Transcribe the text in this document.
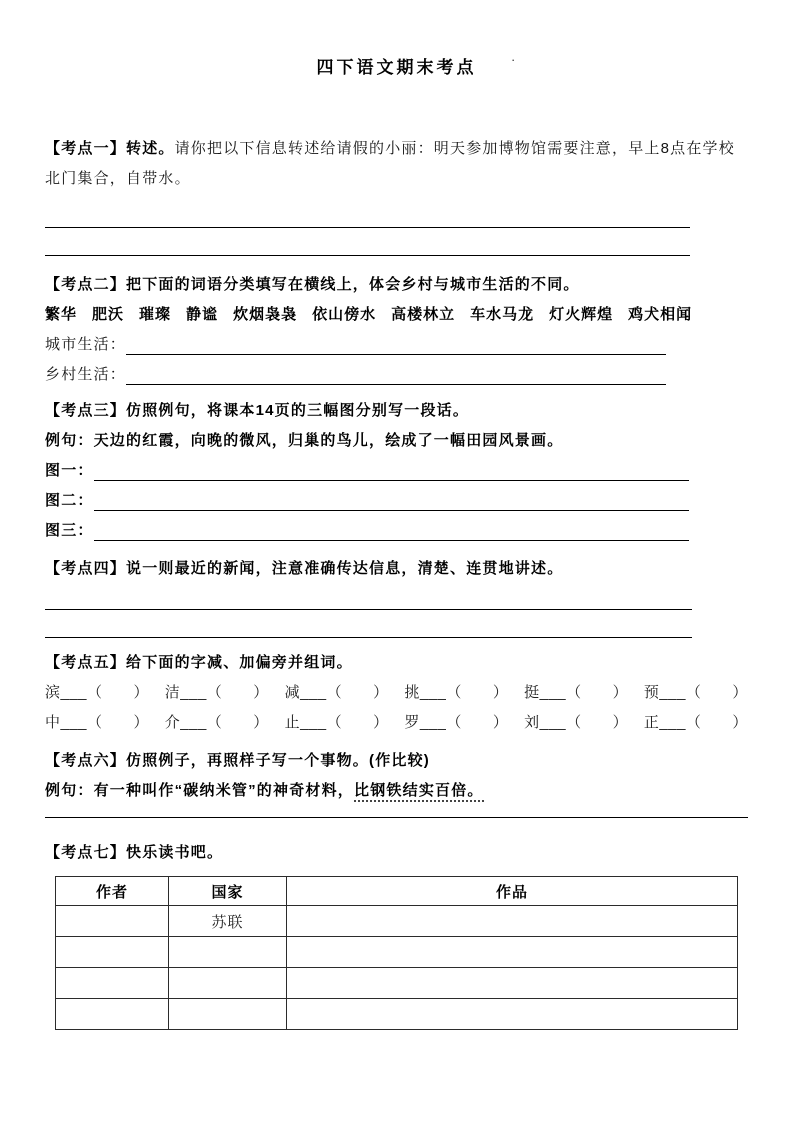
四下语文期末考点	·

【考点一】转述。请你把以下信息转述给请假的小丽：明天参加博物馆需要注意，早上8点在学校北门集合，自带水。

【考点二】把下面的词语分类填写在横线上，体会乡村与城市生活的不同。

繁华 肥沃 璀璨 静谧 炊烟袅袅 依山傍水 高楼林立 车水马龙 灯火辉煌 鸡犬相闻
城市生活：
乡村生活：

【考点三】仿照例句，将课本14页的三幅图分别写一段话。

例句：天边的红霞，向晚的微风，归巢的鸟儿，绘成了一幅田园风景画。

图一：
图二：
图三：

【考点四】说一则最近的新闻，注意准确传达信息，清楚、连贯地讲述。

【考点五】给下面的字减、加偏旁并组词。

滨___（　　） 洁___（　　） 减___（　　） 挑___（　　） 挺___（　　） 预___（　　）
中___（　　） 介___（　　） 止___（　　） 罗___（　　） 刘___（　　） 正___（　　）

【考点六】仿照例子，再照样子写一个事物。(作比较)

例句：有一种叫作“碳纳米管”的神奇材料，比钢铁结实百倍。

【考点七】快乐读书吧。

作者	国家	作品
	苏联	
